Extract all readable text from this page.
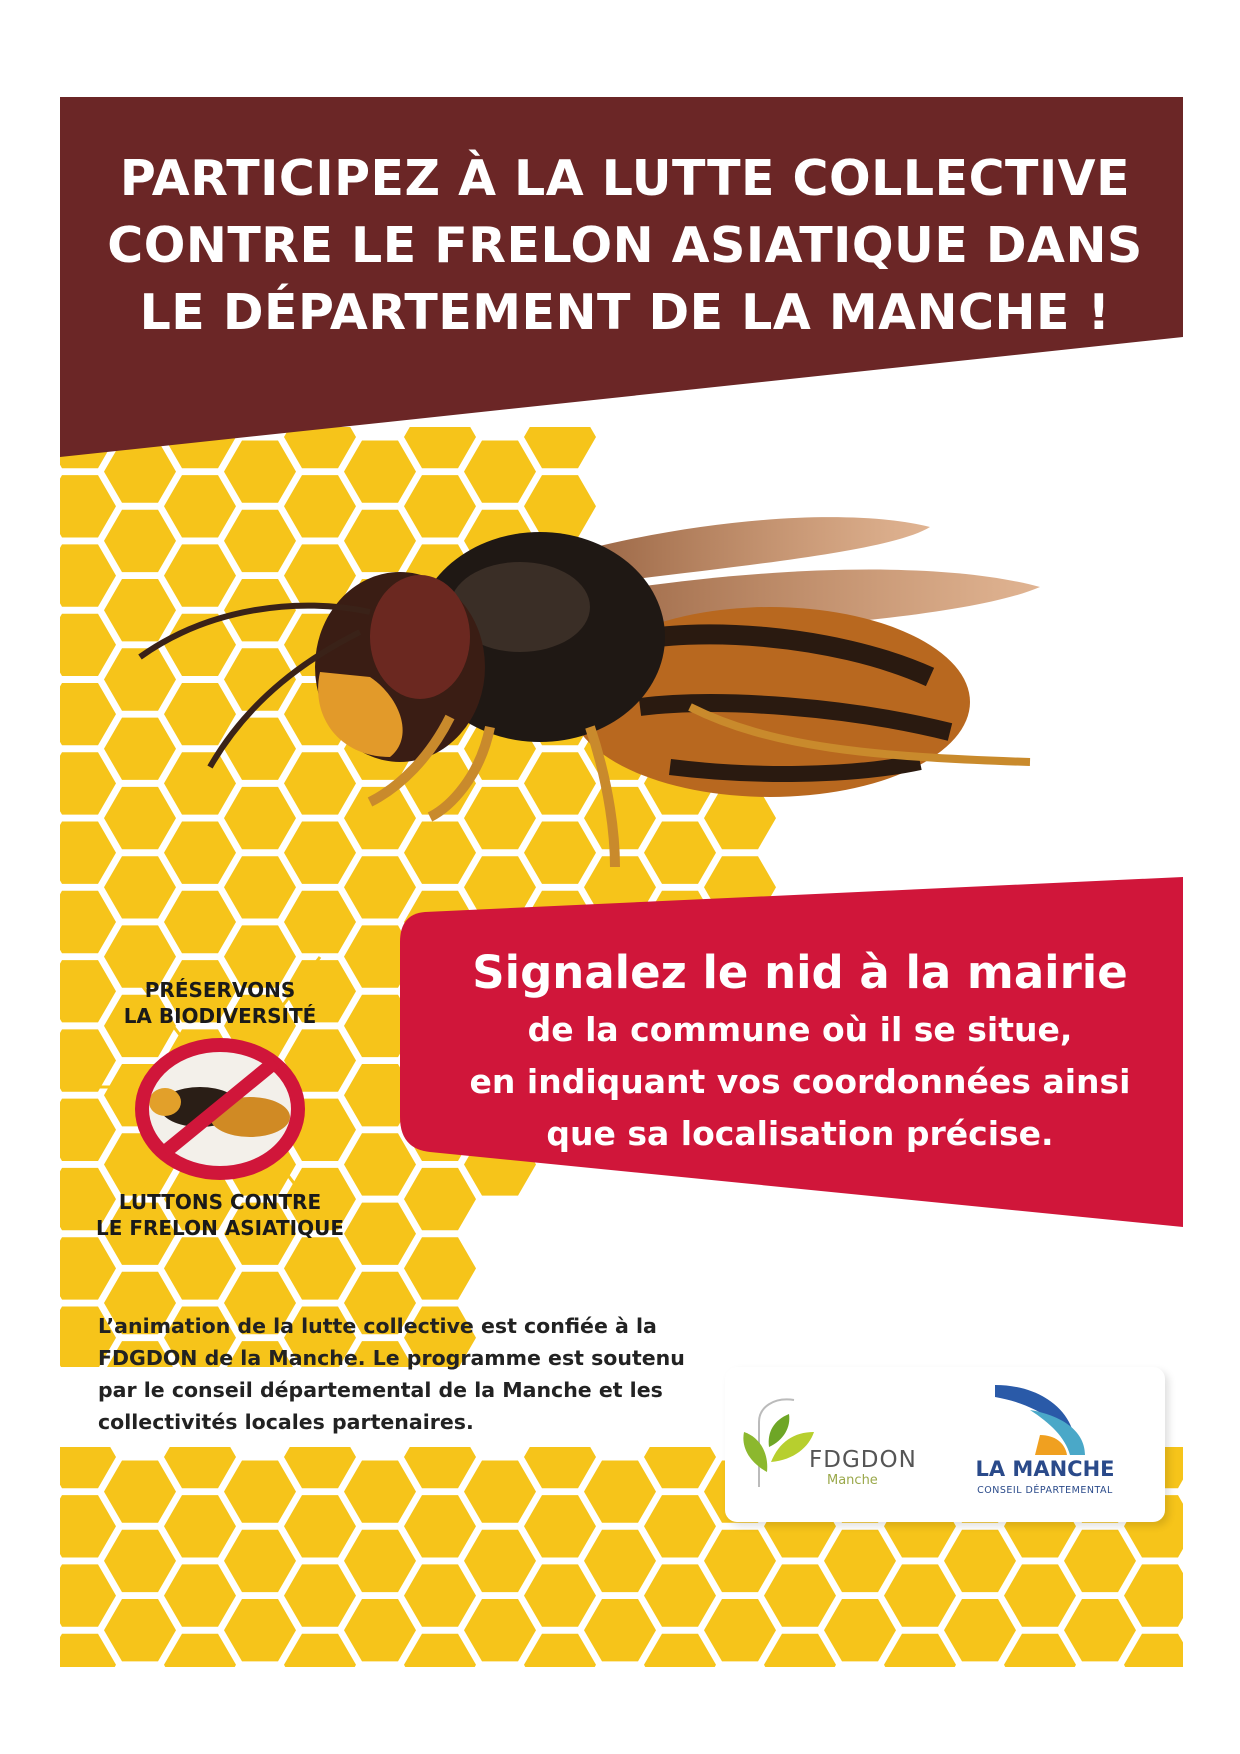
PARTICIPEZ À LA LUTTE COLLECTIVE
CONTRE LE FRELON ASIATIQUE DANS
LE DÉPARTEMENT DE LA MANCHE !
Signalez le nid à la mairie
de la commune où il se situe,
en indiquant vos coordonnées ainsi
que sa localisation précise.
PRÉSERVONS
LA BIODIVERSITÉ
LUTTONS CONTRE
LE FRELON ASIATIQUE
L’animation de la lutte collective est confiée à la
FDGDON de la Manche. Le programme est soutenu
par le conseil départemental de la Manche et les
collectivités locales partenaires.
FDGDON
Manche	LA MANCHE
CONSEIL DÉPARTEMENTAL
